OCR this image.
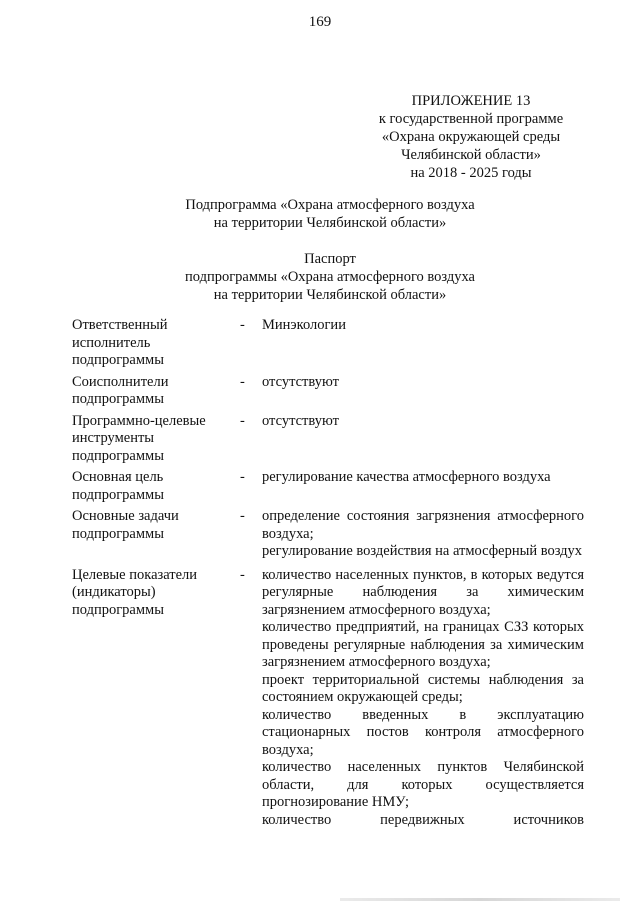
169
ПРИЛОЖЕНИЕ 13
к государственной программе
«Охрана окружающей среды
Челябинской области»
на 2018 - 2025 годы
Подпрограмма «Охрана атмосферного воздуха
на территории Челябинской области»
Паспорт
подпрограммы «Охрана атмосферного воздуха
на территории Челябинской области»
Ответственный
исполнитель
подпрограммы
-	Минэкологии
Соисполнители
подпрограммы
-	отсутствуют
Программно-целевые
инструменты
подпрограммы
-	отсутствуют
Основная цель
подпрограммы
-	регулирование качества атмосферного воздуха
Основные задачи
подпрограммы
-	определение состояния загрязнения атмосферного воздуха;
регулирование воздействия на атмосферный воздух
Целевые показатели
(индикаторы)
подпрограммы
-	количество населенных пунктов, в которых ведутся регулярные наблюдения за химическим загрязнением атмосферного воздуха;
количество предприятий, на границах СЗЗ которых проведены регулярные наблюдения за химическим загрязнением атмосферного воздуха;
проект территориальной системы наблюдения за состоянием окружающей среды;
количество введенных в эксплуатацию стационарных постов контроля атмосферного воздуха;
количество населенных пунктов Челябинской области, для которых осуществляется прогнозирование НМУ;
количество передвижных источников
